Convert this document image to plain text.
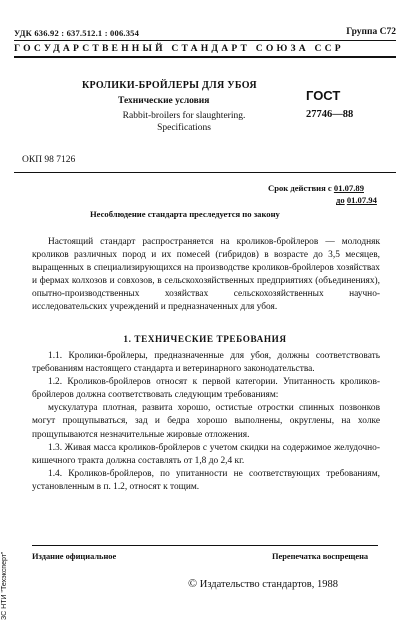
УДК 636.92 : 637.512.1 : 006.354	Группа С72
ГОСУДАРСТВЕННЫЙ СТАНДАРТ СОЮЗА ССР
КРОЛИКИ-БРОЙЛЕРЫ ДЛЯ УБОЯ
Технические условия
Rabbit-broilers for slaughtering.
Specifications
ГОСТ
27746—88
ОКП 98 7126
Срок действия с 01.07.89
до 01.07.94
Несоблюдение стандарта преследуется по закону

Настоящий стандарт распространяется на кроликов-бройлеров — молодняк кроликов различных пород и их помесей (гибридов) в возрасте до 3,5 месяцев, выращенных в специализирующихся на производстве кроликов-бройлеров хозяйствах и фермах колхозов и совхозов, в сельскохозяйственных предприятиях (объединениях), опытно-производственных хозяйствах сельскохозяйственных научно-исследовательских учреждений и предназначенных для убоя.

1. ТЕХНИЧЕСКИЕ ТРЕБОВАНИЯ

1.1. Кролики-бройлеры, предназначенные для убоя, должны соответствовать требованиям настоящего стандарта и ветеринарного законодательства.

1.2. Кроликов-бройлеров относят к первой категории. Упитанность кроликов-бройлеров должна соответствовать следующим требованиям:

мускулатура плотная, развита хорошо, остистые отростки спинных позвонков могут прощупываться, зад и бедра хорошо выполнены, округлены, на холке прощупываются незначительные жировые отложения.

1.3. Живая масса кроликов-бройлеров с учетом скидки на содержимое желудочно-кишечного тракта должна составлять от 1,8 до 2,4 кг.

1.4. Кроликов-бройлеров, по упитанности не соответствующих требованиям, установленным в п. 1.2, относят к тощим.

ЗС НТИ "Техэксперт"	Издание официальное	Перепечатка воспрещена
© Издательство стандартов, 1988
